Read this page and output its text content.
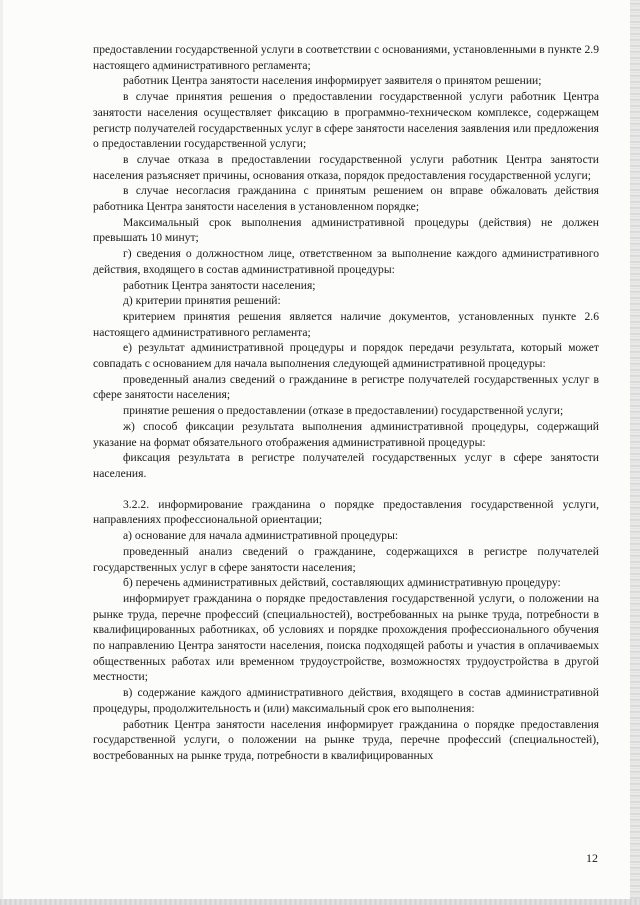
предоставлении государственной услуги в соответствии с основаниями, установленными в пункте 2.9 настоящего административного регламента;

работник Центра занятости населения информирует заявителя о принятом решении;

в случае принятия решения о предоставлении государственной услуги работник Центра занятости населения осуществляет фиксацию в программно-техническом комплексе, содержащем регистр получателей государственных услуг в сфере занятости населения заявления или предложения о предоставлении государственной услуги;

в случае отказа в предоставлении государственной услуги работник Центра занятости населения разъясняет причины, основания отказа, порядок предоставления государственной услуги;

в случае несогласия гражданина с принятым решением он вправе обжаловать действия работника Центра занятости населения в установленном порядке;

Максимальный срок выполнения административной процедуры (действия) не должен превышать 10 минут;

г) сведения о должностном лице, ответственном за выполнение каждого административного действия, входящего в состав административной процедуры:

работник Центра занятости населения;

д) критерии принятия решений:

критерием принятия решения является наличие документов, установленных пункте 2.6 настоящего административного регламента;

е) результат административной процедуры и порядок передачи результата, который может совпадать с основанием для начала выполнения следующей административной процедуры:

проведенный анализ сведений о гражданине в регистре получателей государственных услуг в сфере занятости населения;

принятие решения о предоставлении (отказе в предоставлении) государственной услуги;

ж) способ фиксации результата выполнения административной процедуры, содержащий указание на формат обязательного отображения административной процедуры:

фиксация результата в регистре получателей государственных услуг в сфере занятости населения.

3.2.2. информирование гражданина о порядке предоставления государственной услуги, направлениях профессиональной ориентации;

а) основание для начала административной процедуры:

проведенный анализ сведений о гражданине, содержащихся в регистре получателей государственных услуг в сфере занятости населения;

б) перечень административных действий, составляющих административную процедуру:

информирует гражданина о порядке предоставления государственной услуги, о положении на рынке труда, перечне профессий (специальностей), востребованных на рынке труда, потребности в квалифицированных работниках, об условиях и порядке прохождения профессионального обучения по направлению Центра занятости населения, поиска подходящей работы и участия в оплачиваемых общественных работах или временном трудоустройстве, возможностях трудоустройства в другой местности;

в) содержание каждого административного действия, входящего в состав административной процедуры, продолжительность и (или) максимальный срок его выполнения:

работник Центра занятости населения информирует гражданина о порядке предоставления государственной услуги, о положении на рынке труда, перечне профессий (специальностей), востребованных на рынке труда, потребности в квалифицированных

12
